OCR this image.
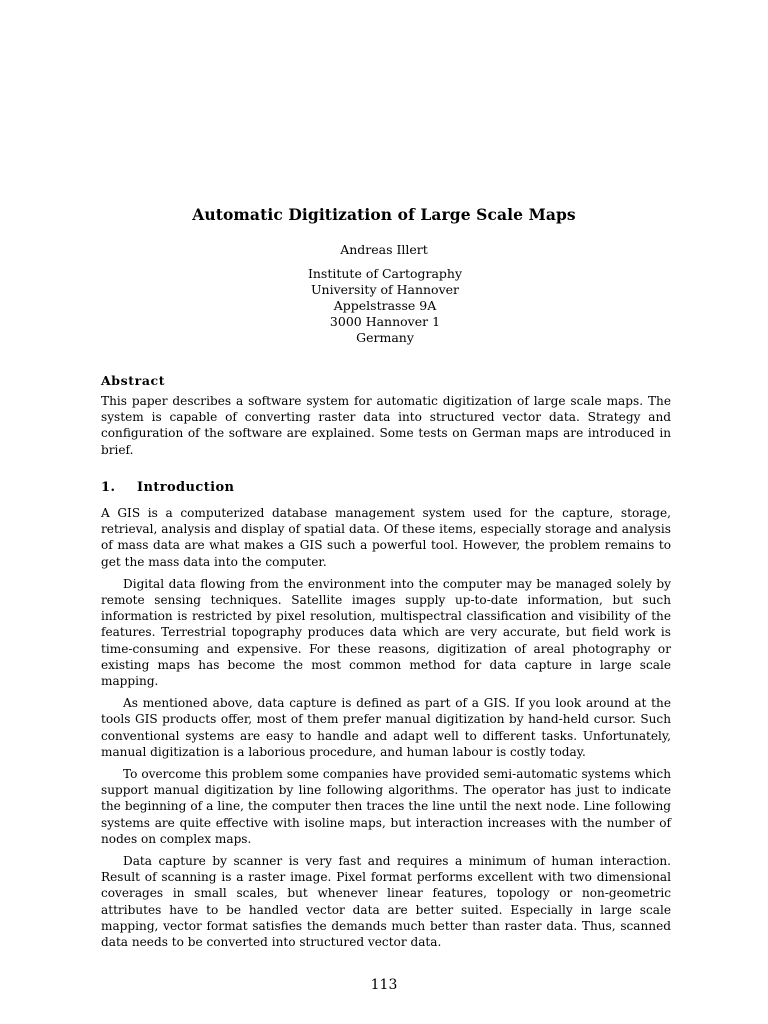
Automatic Digitization of Large Scale Maps
Andreas Illert
Institute of Cartography
University of Hannover
Appelstrasse 9A
3000 Hannover 1
Germany
Abstract

This paper describes a software system for automatic digitization of large scale maps. The system is capable of converting raster data into structured vector data. Strategy and configuration of the software are explained. Some tests on German maps are introduced in brief.

1. Introduction

A GIS is a computerized database management system used for the capture, storage, retrieval, analysis and display of spatial data. Of these items, especially storage and analysis of mass data are what makes a GIS such a powerful tool. However, the problem remains to get the mass data into the computer.

Digital data flowing from the environment into the computer may be managed solely by remote sensing techniques. Satellite images supply up-to-date information, but such information is restricted by pixel resolution, multispectral classification and visibility of the features. Terrestrial topography produces data which are very accurate, but field work is time-consuming and expensive. For these reasons, digitization of areal photography or existing maps has become the most common method for data capture in large scale mapping.

As mentioned above, data capture is defined as part of a GIS. If you look around at the tools GIS products offer, most of them prefer manual digitization by hand-held cursor. Such conventional systems are easy to handle and adapt well to different tasks. Unfortunately, manual digitization is a laborious procedure, and human labour is costly today.

To overcome this problem some companies have provided semi-automatic systems which support manual digitization by line following algorithms. The operator has just to indicate the beginning of a line, the computer then traces the line until the next node. Line following systems are quite effective with isoline maps, but interaction increases with the number of nodes on complex maps.

Data capture by scanner is very fast and requires a minimum of human interaction. Result of scanning is a raster image. Pixel format performs excellent with two dimensional coverages in small scales, but whenever linear features, topology or non-geometric attributes have to be handled vector data are better suited. Especially in large scale mapping, vector format satisfies the demands much better than raster data. Thus, scanned data needs to be converted into structured vector data.

113
